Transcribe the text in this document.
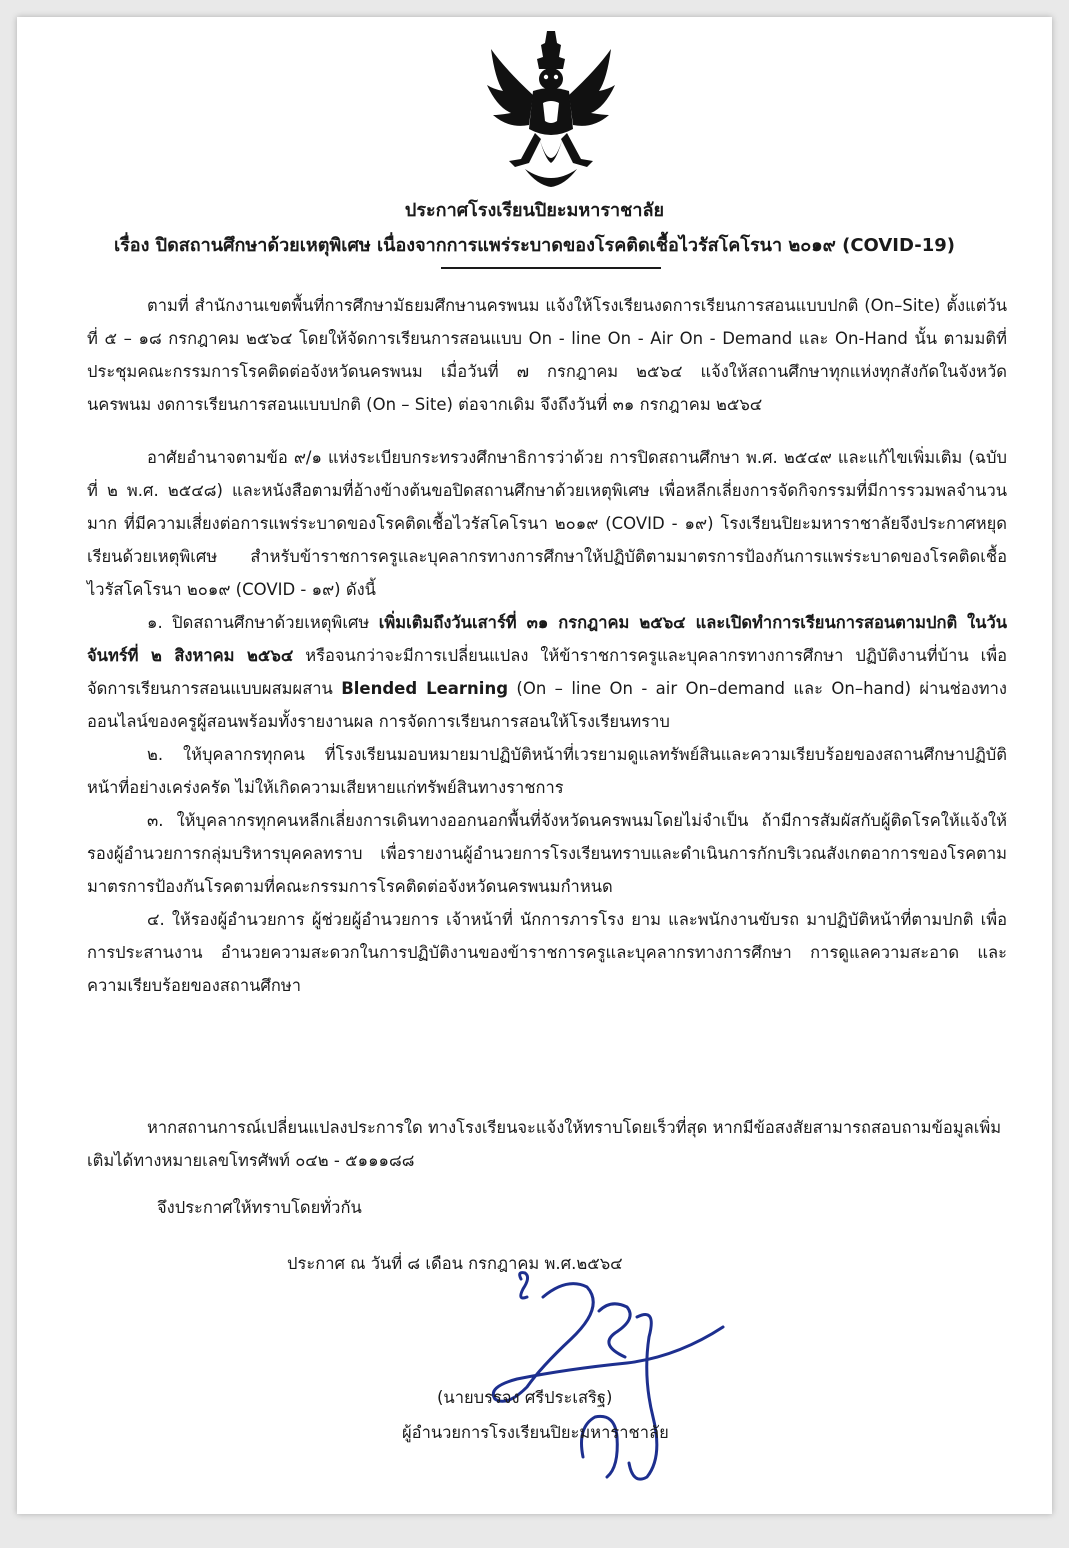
ประกาศโรงเรียนปิยะมหาราชาลัย
เรื่อง ปิดสถานศึกษาด้วยเหตุพิเศษ เนื่องจากการแพร่ระบาดของโรคติดเชื้อไวรัสโคโรนา ๒๐๑๙ (COVID-19)

ตามที่ สำนักงานเขตพื้นที่การศึกษามัธยมศึกษานครพนม แจ้งให้โรงเรียนงดการเรียนการสอนแบบปกติ (On–Site) ตั้งแต่วันที่ ๕ – ๑๘ กรกฎาคม ๒๕๖๔ โดยให้จัดการเรียนการสอนแบบ On - line On - Air On - Demand และ On-Hand นั้น ตามมติที่ประชุมคณะกรรมการโรคติดต่อจังหวัดนครพนม เมื่อวันที่ ๗ กรกฎาคม ๒๕๖๔ แจ้งให้สถานศึกษาทุกแห่งทุกสังกัดในจังหวัดนครพนม งดการเรียนการสอนแบบปกติ (On – Site) ต่อจากเดิม จึงถึงวันที่ ๓๑ กรกฎาคม ๒๕๖๔

อาศัยอำนาจตามข้อ ๙/๑ แห่งระเบียบกระทรวงศึกษาธิการว่าด้วย การปิดสถานศึกษา พ.ศ. ๒๕๔๙ และแก้ไขเพิ่มเติม (ฉบับที่ ๒ พ.ศ. ๒๕๔๘) และหนังสือตามที่อ้างข้างต้นขอปิดสถานศึกษาด้วยเหตุพิเศษ เพื่อหลีกเลี่ยงการจัดกิจกรรมที่มีการรวมพลจำนวนมาก ที่มีความเสี่ยงต่อการแพร่ระบาดของโรคติดเชื้อไวรัสโคโรนา ๒๐๑๙ (COVID - ๑๙) โรงเรียนปิยะมหาราชาลัยจึงประกาศหยุดเรียนด้วยเหตุพิเศษ สำหรับข้าราชการครูและบุคลากรทางการศึกษาให้ปฏิบัติตามมาตรการป้องกันการแพร่ระบาดของโรคติดเชื้อไวรัสโคโรนา ๒๐๑๙ (COVID - ๑๙) ดังนี้

๑. ปิดสถานศึกษาด้วยเหตุพิเศษ เพิ่มเติมถึงวันเสาร์ที่ ๓๑ กรกฎาคม ๒๕๖๔ และเปิดทำการเรียนการสอนตามปกติ ในวันจันทร์ที่ ๒ สิงหาคม ๒๕๖๔ หรือจนกว่าจะมีการเปลี่ยนแปลง ให้ข้าราชการครูและบุคลากรทางการศึกษา ปฏิบัติงานที่บ้าน เพื่อจัดการเรียนการสอนแบบผสมผสาน Blended Learning (On – line On - air On–demand และ On–hand) ผ่านช่องทางออนไลน์ของครูผู้สอนพร้อมทั้งรายงานผล การจัดการเรียนการสอนให้โรงเรียนทราบ

๒. ให้บุคลากรทุกคน ที่โรงเรียนมอบหมายมาปฏิบัติหน้าที่เวรยามดูแลทรัพย์สินและความเรียบร้อยของสถานศึกษาปฏิบัติหน้าที่อย่างเคร่งครัด ไม่ให้เกิดความเสียหายแก่ทรัพย์สินทางราชการ

๓. ให้บุคลากรทุกคนหลีกเลี่ยงการเดินทางออกนอกพื้นที่จังหวัดนครพนมโดยไม่จำเป็น ถ้ามีการสัมผัสกับผู้ติดโรคให้แจ้งให้รองผู้อำนวยการกลุ่มบริหารบุคคลทราบ เพื่อรายงานผู้อำนวยการโรงเรียนทราบและดำเนินการกักบริเวณสังเกตอาการของโรคตามมาตรการป้องกันโรคตามที่คณะกรรมการโรคติดต่อจังหวัดนครพนมกำหนด

๔. ให้รองผู้อำนวยการ ผู้ช่วยผู้อำนวยการ เจ้าหน้าที่ นักการภารโรง ยาม และพนักงานขับรถ มาปฏิบัติหน้าที่ตามปกติ เพื่อการประสานงาน อำนวยความสะดวกในการปฏิบัติงานของข้าราชการครูและบุคลากรทางการศึกษา การดูแลความสะอาด และความเรียบร้อยของสถานศึกษา

หากสถานการณ์เปลี่ยนแปลงประการใด ทางโรงเรียนจะแจ้งให้ทราบโดยเร็วที่สุด หากมีข้อสงสัยสามารถสอบถามข้อมูลเพิ่มเติมได้ทางหมายเลขโทรศัพท์ ๐๔๒ - ๕๑๑๑๘๘
จึงประกาศให้ทราบโดยทั่วกัน
ประกาศ ณ วันที่ ๘ เดือน กรกฎาคม พ.ศ.๒๕๖๔
(นายบรรจง ศรีประเสริฐ)
ผู้อำนวยการโรงเรียนปิยะมหาราชาลัย
